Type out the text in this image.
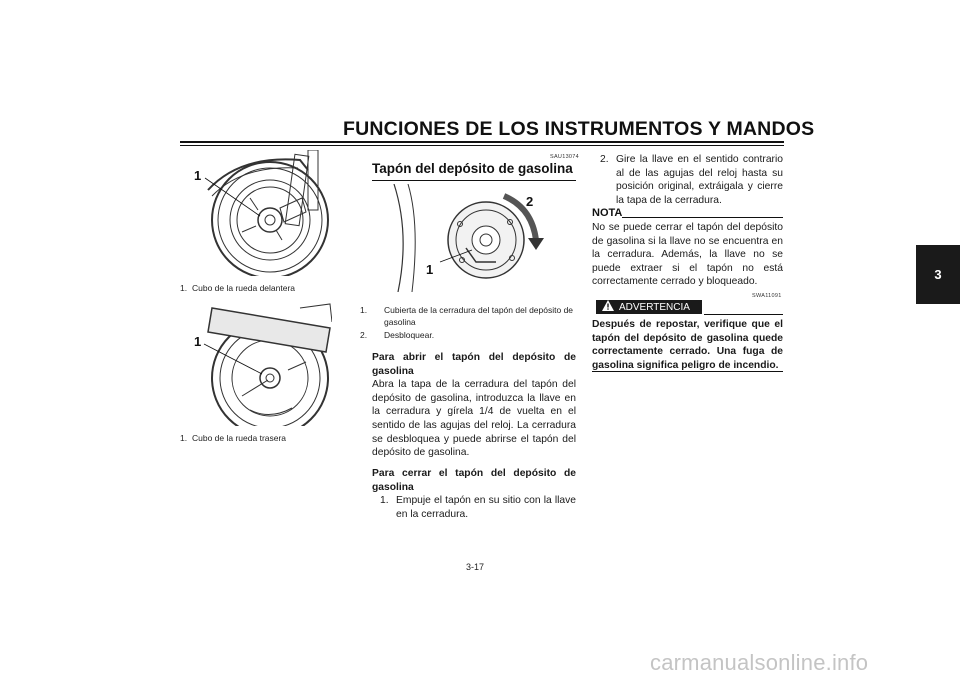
FUNCIONES DE LOS INSTRUMENTOS Y MANDOS
3
1
1. Cubo de la rueda delantera
1
1. Cubo de la rueda trasera
SAU13074
Tapón del depósito de gasolina
1
2
1. Cubierta de la cerradura del tapón del depósito de gasolina
2. Desbloquear.
Para abrir el tapón del depósito de gasolina
Abra la tapa de la cerradura del tapón del depósito de gasolina, introduzca la llave en la cerradura y gírela 1/4 de vuelta en el sentido de las agujas del reloj. La cerradura se desbloquea y puede abrirse el tapón del depósito de gasolina.
Para cerrar el tapón del depósito de gasolina
1. Empuje el tapón en su sitio con la llave en la cerradura.
2. Gire la llave en el sentido contrario al de las agujas del reloj hasta su posición original, extráigala y cierre la tapa de la cerradura.
NOTA
No se puede cerrar el tapón del depósito de gasolina si la llave no se encuentra en la cerradura. Además, la llave no se puede extraer si el tapón no está correctamente cerrado y bloqueado.
SWA11091
ADVERTENCIA
Después de repostar, verifique que el tapón del depósito de gasolina quede correctamente cerrado. Una fuga de gasolina significa peligro de incendio.
3-17
carmanualsonline.info
